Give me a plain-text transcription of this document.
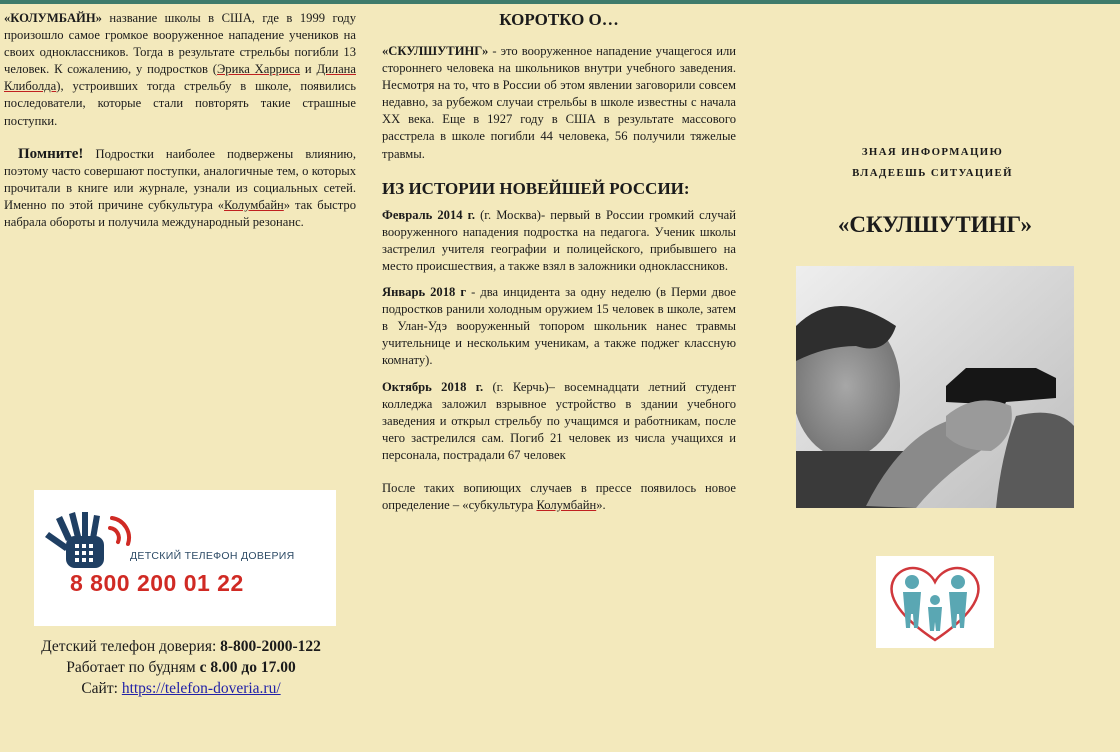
«КОЛУМБАЙН» название школы в США, где в 1999 году произошло самое громкое вооруженное нападение учеников на своих одноклассников. Тогда в результате стрельбы погибли 13 человек. К сожалению, у подростков (Эрика Харриса и Дилана Клиболда), устроивших тогда стрельбу в школе, появились последователи, которые стали повторять такие страшные поступки.

Помните! Подростки наиболее подвержены влиянию, поэтому часто совершают поступки, аналогичные тем, о которых прочитали в книге или журнале, узнали из социальных сетей. Именно по этой причине субкультура «Колумбайн» так быстро набрала обороты и получила международный резонанс.

ДЕТСКИЙ ТЕЛЕФОН ДОВЕРИЯ
8 800 200 01 22
Детский телефон доверия: 8-800-2000-122
Работает по будням с 8.00 до 17.00
Сайт: https://telefon-doveria.ru/
КОРОТКО О…

«СКУЛШУТИНГ» - это вооруженное нападение учащегося или стороннего человека на школьников внутри учебного заведения. Несмотря на то, что в России об этом явлении заговорили совсем недавно, за рубежом случаи стрельбы в школе известны с начала XX века. Еще в 1927 году в США в результате массового расстрела в школе погибли 44 человека, 56 получили тяжелые травмы.

ИЗ ИСТОРИИ НОВЕЙШЕЙ РОССИИ:

Февраль 2014 г. (г. Москва)- первый в России громкий случай вооруженного нападения подростка на педагога. Ученик школы застрелил учителя географии и полицейского, прибывшего на место происшествия, а также взял в заложники одноклассников.

Январь 2018 г - два инцидента за одну неделю (в Перми двое подростков ранили холодным оружием 15 человек в школе, затем в Улан-Удэ вооруженный топором школьник нанес травмы учительнице и нескольким ученикам, а также поджег классную комнату).

Октябрь 2018 г. (г. Керчь)– восемнадцати летний студент колледжа заложил взрывное устройство в здании учебного заведения и открыл стрельбу по учащимся и работникам, после чего застрелился сам. Погиб 21 человек из числа учащихся и персонала, пострадали 67 человек

После таких вопиющих случаев в прессе появилось новое определение – «субкультура Колумбайн».

ЗНАЯ ИНФОРМАЦИЮ
ВЛАДЕЕШЬ СИТУАЦИЕЙ
«СКУЛШУТИНГ»
